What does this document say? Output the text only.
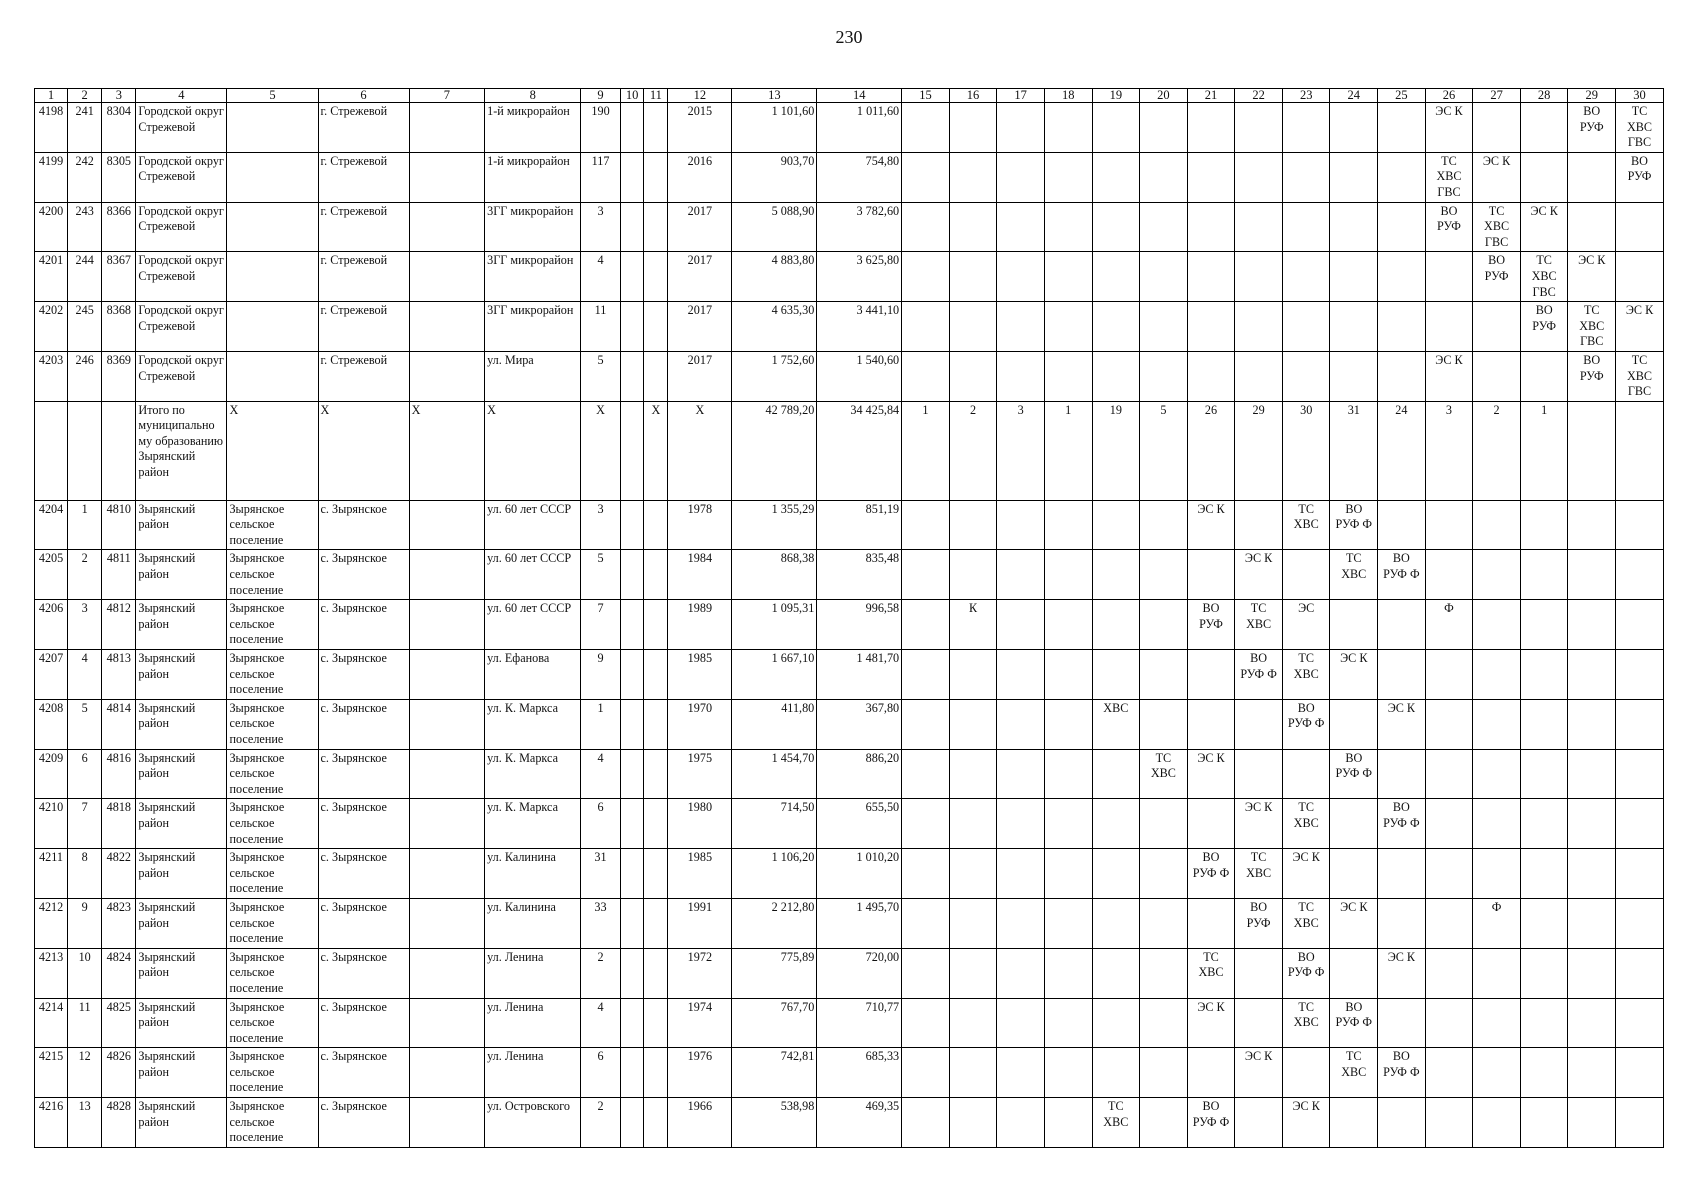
230
1	2	3	4	5	6	7	8	9	10	11	12	13	14	15	16	17	18	19	20	21	22	23	24	25	26	27	28	29	30
4198	241	8304	Городской округ Стрежевой		г. Стрежевой		1-й микрорайон	190			2015	1 101,60	1 011,60												ЭС К			ВО
РУФ	ТС
ХВС
ГВС
4199	242	8305	Городской округ Стрежевой		г. Стрежевой		1-й микрорайон	117			2016	903,70	754,80												ТС
ХВС
ГВС	ЭС К			ВО
РУФ
4200	243	8366	Городской округ Стрежевой		г. Стрежевой		3ГГ микрорайон	3			2017	5 088,90	3 782,60												ВО
РУФ	ТС
ХВС
ГВС	ЭС К		
4201	244	8367	Городской округ Стрежевой		г. Стрежевой		3ГГ микрорайон	4			2017	4 883,80	3 625,80													ВО
РУФ	ТС
ХВС
ГВС	ЭС К	
4202	245	8368	Городской округ Стрежевой		г. Стрежевой		3ГГ микрорайон	11			2017	4 635,30	3 441,10														ВО
РУФ	ТС
ХВС
ГВС	ЭС К
4203	246	8369	Городской округ Стрежевой		г. Стрежевой		ул. Мира	5			2017	1 752,60	1 540,60												ЭС К			ВО
РУФ	ТС
ХВС
ГВС
			Итого по муниципально му образованию Зырянский район	X	X	X	X	X		X	X	42 789,20	34 425,84	1	2	3	1	19	5	26	29	30	31	24	3	2	1		
4204	1	4810	Зырянский район	Зырянское сельское поселение	с. Зырянское		ул. 60 лет СССР	3			1978	1 355,29	851,19							ЭС К		ТС
ХВС	ВО
РУФ Ф						
4205	2	4811	Зырянский район	Зырянское сельское поселение	с. Зырянское		ул. 60 лет СССР	5			1984	868,38	835,48								ЭС К		ТС
ХВС	ВО
РУФ Ф					
4206	3	4812	Зырянский район	Зырянское сельское поселение	с. Зырянское		ул. 60 лет СССР	7			1989	1 095,31	996,58		К					ВО
РУФ	ТС
ХВС	ЭС			Ф				
4207	4	4813	Зырянский район	Зырянское сельское поселение	с. Зырянское		ул. Ефанова	9			1985	1 667,10	1 481,70								ВО
РУФ Ф	ТС
ХВС	ЭС К						
4208	5	4814	Зырянский район	Зырянское сельское поселение	с. Зырянское		ул. К. Маркса	1			1970	411,80	367,80					ХВС				ВО
РУФ Ф		ЭС К					
4209	6	4816	Зырянский район	Зырянское сельское поселение	с. Зырянское		ул. К. Маркса	4			1975	1 454,70	886,20						ТС
ХВС	ЭС К			ВО
РУФ Ф						
4210	7	4818	Зырянский район	Зырянское сельское поселение	с. Зырянское		ул. К. Маркса	6			1980	714,50	655,50								ЭС К	ТС
ХВС		ВО
РУФ Ф					
4211	8	4822	Зырянский район	Зырянское сельское поселение	с. Зырянское		ул. Калинина	31			1985	1 106,20	1 010,20							ВО
РУФ Ф	ТС
ХВС	ЭС К							
4212	9	4823	Зырянский район	Зырянское сельское поселение	с. Зырянское		ул. Калинина	33			1991	2 212,80	1 495,70								ВО
РУФ	ТС
ХВС	ЭС К			Ф			
4213	10	4824	Зырянский район	Зырянское сельское поселение	с. Зырянское		ул. Ленина	2			1972	775,89	720,00							ТС
ХВС		ВО
РУФ Ф		ЭС К					
4214	11	4825	Зырянский район	Зырянское сельское поселение	с. Зырянское		ул. Ленина	4			1974	767,70	710,77							ЭС К		ТС
ХВС	ВО
РУФ Ф						
4215	12	4826	Зырянский район	Зырянское сельское поселение	с. Зырянское		ул. Ленина	6			1976	742,81	685,33								ЭС К		ТС
ХВС	ВО
РУФ Ф					
4216	13	4828	Зырянский район	Зырянское сельское поселение	с. Зырянское		ул. Островского	2			1966	538,98	469,35					ТС
ХВС		ВО
РУФ Ф		ЭС К							
